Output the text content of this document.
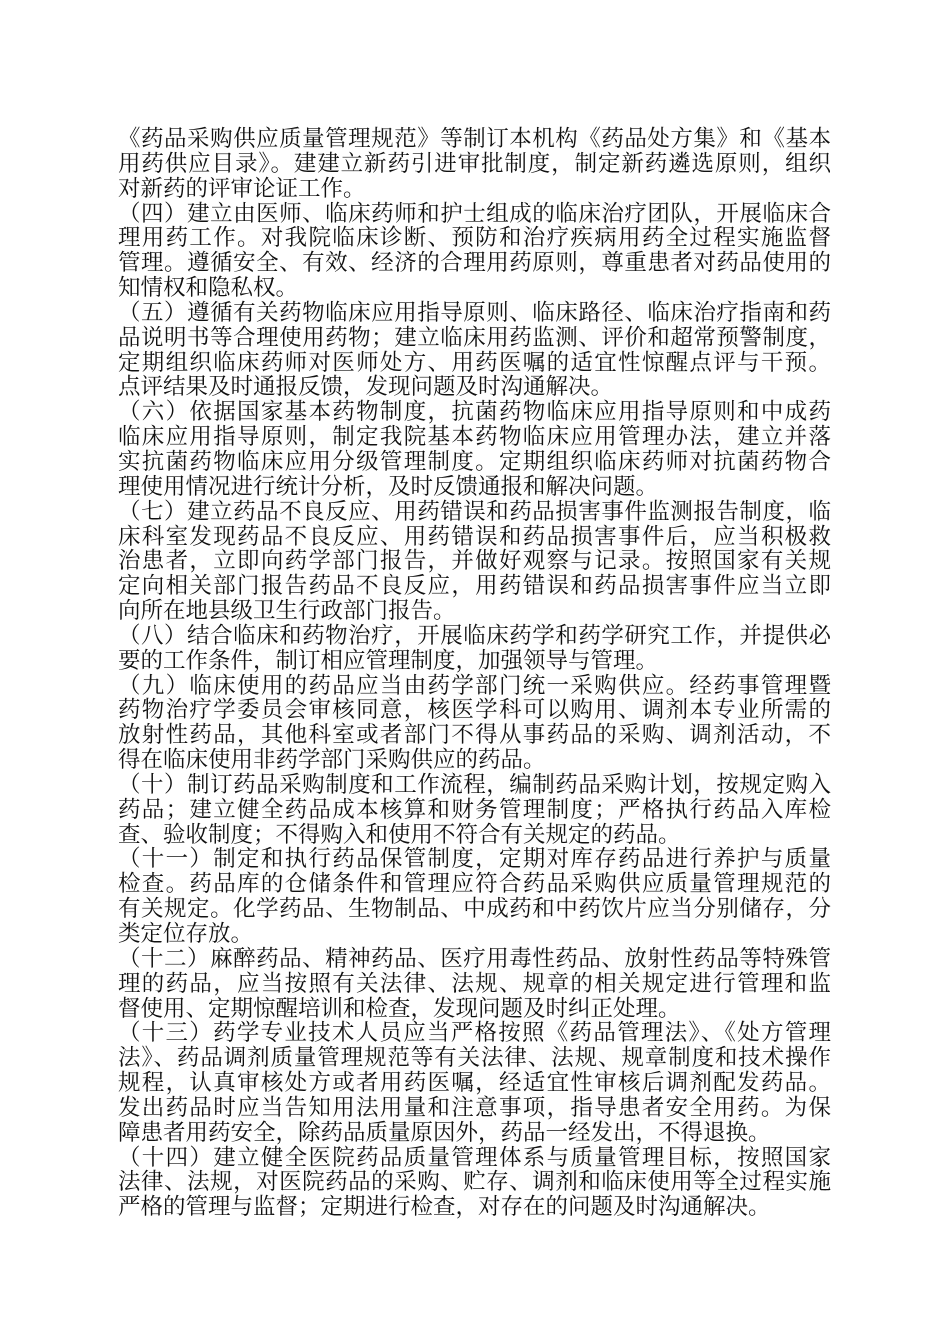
《药品采购供应质量管理规范》等制订本机构《药品处方集》和《基本
用药供应目录》。建建立新药引进审批制度，制定新药遴选原则，组织
对新药的评审论证工作。
（四）建立由医师、临床药师和护士组成的临床治疗团队，开展临床合
理用药工作。对我院临床诊断、预防和治疗疾病用药全过程实施监督
管理。遵循安全、有效、经济的合理用药原则，尊重患者对药品使用的
知情权和隐私权。
（五）遵循有关药物临床应用指导原则、临床路径、临床治疗指南和药
品说明书等合理使用药物；建立临床用药监测、评价和超常预警制度，
定期组织临床药师对医师处方、用药医嘱的适宜性惊醒点评与干预。
点评结果及时通报反馈，发现问题及时沟通解决。
（六）依据国家基本药物制度，抗菌药物临床应用指导原则和中成药
临床应用指导原则，制定我院基本药物临床应用管理办法，建立并落
实抗菌药物临床应用分级管理制度。定期组织临床药师对抗菌药物合
理使用情况进行统计分析，及时反馈通报和解决问题。
（七）建立药品不良反应、用药错误和药品损害事件监测报告制度，临
床科室发现药品不良反应、用药错误和药品损害事件后，应当积极救
治患者，立即向药学部门报告，并做好观察与记录。按照国家有关规
定向相关部门报告药品不良反应，用药错误和药品损害事件应当立即
向所在地县级卫生行政部门报告。
（八）结合临床和药物治疗，开展临床药学和药学研究工作，并提供必
要的工作条件，制订相应管理制度，加强领导与管理。
（九）临床使用的药品应当由药学部门统一采购供应。经药事管理暨
药物治疗学委员会审核同意，核医学科可以购用、调剂本专业所需的
放射性药品，其他科室或者部门不得从事药品的采购、调剂活动，不
得在临床使用非药学部门采购供应的药品。
（十）制订药品采购制度和工作流程，编制药品采购计划，按规定购入
药品；建立健全药品成本核算和财务管理制度；严格执行药品入库检
查、验收制度；不得购入和使用不符合有关规定的药品。
（十一）制定和执行药品保管制度，定期对库存药品进行养护与质量
检查。药品库的仓储条件和管理应符合药品采购供应质量管理规范的
有关规定。化学药品、生物制品、中成药和中药饮片应当分别储存，分
类定位存放。
（十二）麻醉药品、精神药品、医疗用毒性药品、放射性药品等特殊管
理的药品，应当按照有关法律、法规、规章的相关规定进行管理和监
督使用、定期惊醒培训和检查，发现问题及时纠正处理。
（十三）药学专业技术人员应当严格按照《药品管理法》、《处方管理
法》、药品调剂质量管理规范等有关法律、法规、规章制度和技术操作
规程，认真审核处方或者用药医嘱，经适宜性审核后调剂配发药品。
发出药品时应当告知用法用量和注意事项，指导患者安全用药。为保
障患者用药安全，除药品质量原因外，药品一经发出，不得退换。
（十四）建立健全医院药品质量管理体系与质量管理目标，按照国家
法律、法规，对医院药品的采购、贮存、调剂和临床使用等全过程实施
严格的管理与监督；定期进行检查，对存在的问题及时沟通解决。
